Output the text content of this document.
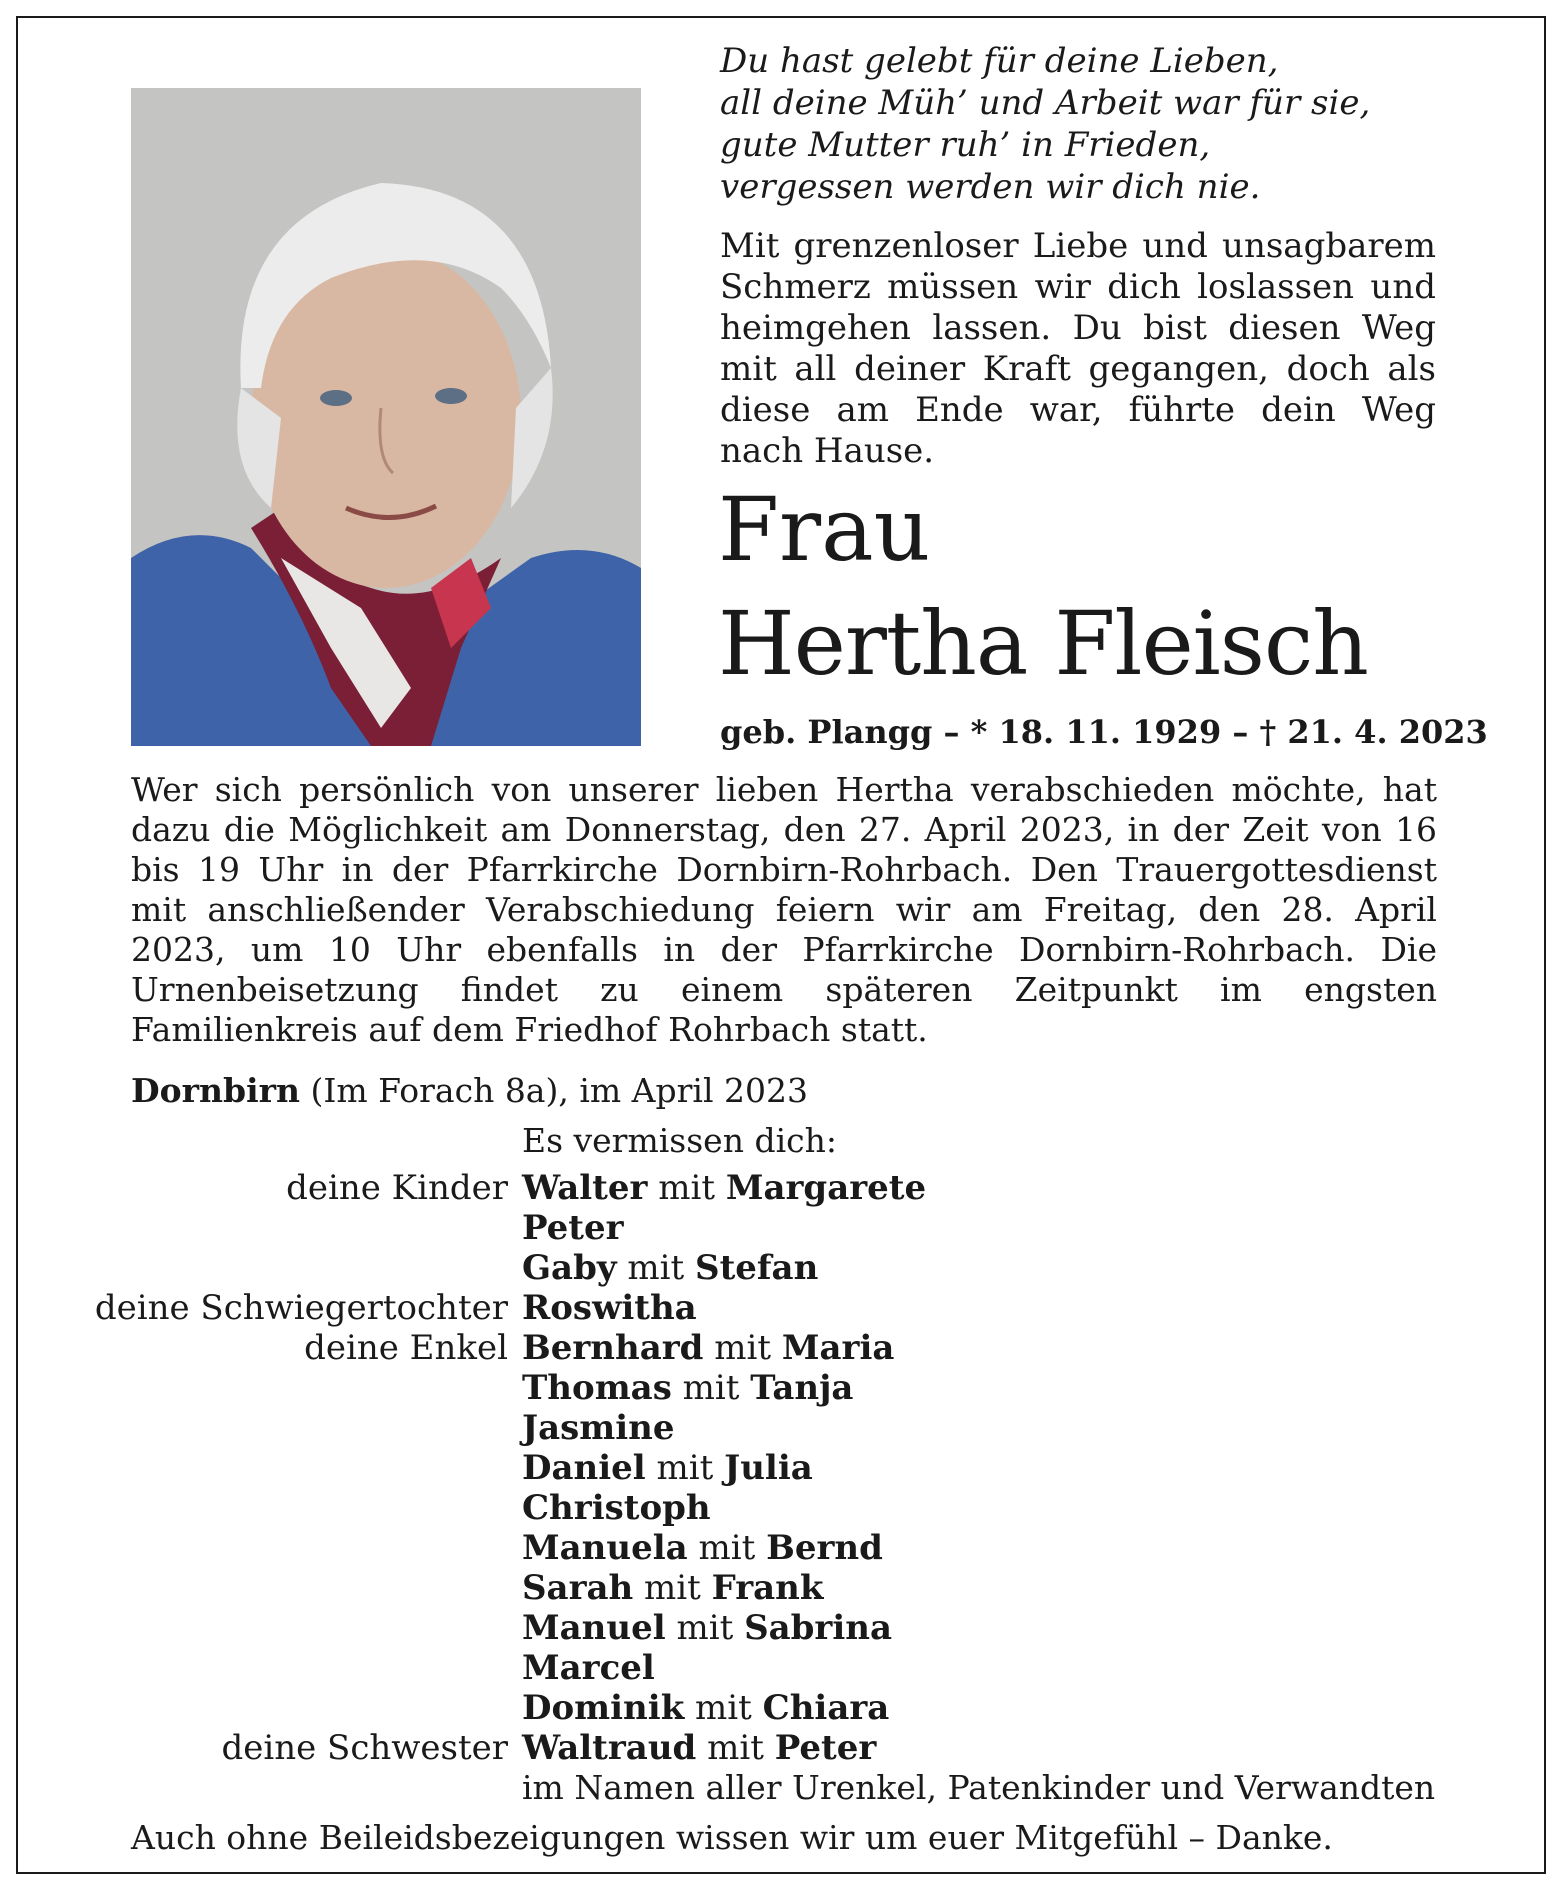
Du hast gelebt für deine Lieben,
all deine Müh’ und Arbeit war für sie,
gute Mutter ruh’ in Frieden,
vergessen werden wir dich nie.
Mit grenzenloser Liebe und unsagbarem Schmerz müssen wir dich loslassen und heimgehen lassen. Du bist diesen Weg mit all deiner Kraft gegangen, doch als diese am Ende war, führte dein Weg nach Hause.
Frau
Hertha Fleisch
geb. Plangg – * 18. 11. 1929 – † 21. 4. 2023
Wer sich persönlich von unserer lieben Hertha verabschieden möchte, hat dazu die Möglichkeit am Donnerstag, den 27. April 2023, in der Zeit von 16 bis 19 Uhr in der Pfarrkirche Dornbirn-Rohrbach. Den Trauergottesdienst mit anschließender Verabschiedung feiern wir am Freitag, den 28. April 2023, um 10 Uhr ebenfalls in der Pfarrkirche Dornbirn-Rohrbach. Die Urnenbeisetzung findet zu einem späteren Zeitpunkt im engsten Familienkreis auf dem Friedhof Rohrbach statt.
Dornbirn (Im Forach 8a), im April 2023
Es vermissen dich:
deine Kinder Walter mit Margarete
Peter
Gaby mit Stefan
deine Schwiegertochter Roswitha
deine Enkel Bernhard mit Maria
Thomas mit Tanja
Jasmine
Daniel mit Julia
Christoph
Manuela mit Bernd
Sarah mit Frank
Manuel mit Sabrina
Marcel
Dominik mit Chiara
deine Schwester Waltraud mit Peter
im Namen aller Urenkel, Patenkinder und Verwandten
Auch ohne Beileidsbezeigungen wissen wir um euer Mitgefühl – Danke.
